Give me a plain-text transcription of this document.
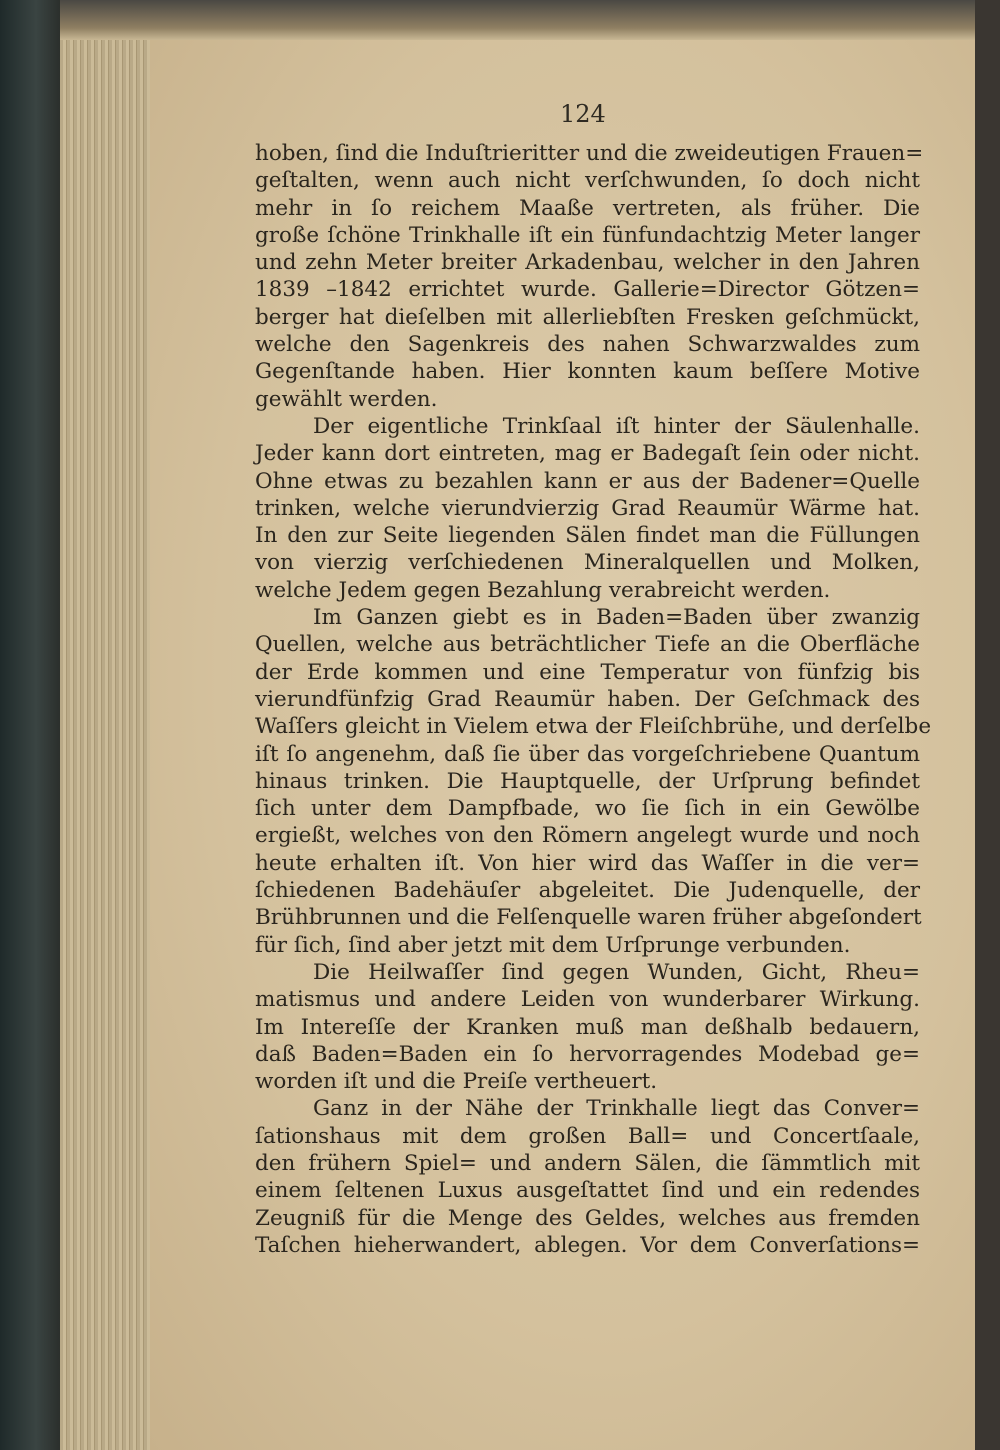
124
hoben, ſind die Induſtrieritter und die zweideutigen Frauen=
geſtalten, wenn auch nicht verſchwunden, ſo doch nicht
mehr in ſo reichem Maaße vertreten, als früher. Die
große ſchöne Trinkhalle iſt ein fünfundachtzig Meter langer
und zehn Meter breiter Arkadenbau, welcher in den Jahren
1839 –1842 errichtet wurde. Gallerie=Director Götzen=
berger hat dieſelben mit allerliebſten Fresken geſchmückt,
welche den Sagenkreis des nahen Schwarzwaldes zum
Gegenſtande haben. Hier konnten kaum beſſere Motive
gewählt werden.
Der eigentliche Trinkſaal iſt hinter der Säulenhalle.
Jeder kann dort eintreten, mag er Badegaſt ſein oder nicht.
Ohne etwas zu bezahlen kann er aus der Badener=Quelle
trinken, welche vierundvierzig Grad Reaumür Wärme hat.
In den zur Seite liegenden Sälen findet man die Füllungen
von vierzig verſchiedenen Mineralquellen und Molken,
welche Jedem gegen Bezahlung verabreicht werden.
Im Ganzen giebt es in Baden=Baden über zwanzig
Quellen, welche aus beträchtlicher Tiefe an die Oberfläche
der Erde kommen und eine Temperatur von fünfzig bis
vierundfünfzig Grad Reaumür haben. Der Geſchmack des
Waſſers gleicht in Vielem etwa der Fleiſchbrühe, und derſelbe
iſt ſo angenehm, daß ſie über das vorgeſchriebene Quantum
hinaus trinken. Die Hauptquelle, der Urſprung befindet
ſich unter dem Dampfbade, wo ſie ſich in ein Gewölbe
ergießt, welches von den Römern angelegt wurde und noch
heute erhalten iſt. Von hier wird das Waſſer in die ver=
ſchiedenen Badehäuſer abgeleitet. Die Judenquelle, der
Brühbrunnen und die Felſenquelle waren früher abgeſondert
für ſich, ſind aber jetzt mit dem Urſprunge verbunden.
Die Heilwaſſer ſind gegen Wunden, Gicht, Rheu=
matismus und andere Leiden von wunderbarer Wirkung.
Im Intereſſe der Kranken muß man deßhalb bedauern,
daß Baden=Baden ein ſo hervorragendes Modebad ge=
worden iſt und die Preiſe vertheuert.
Ganz in der Nähe der Trinkhalle liegt das Conver=
ſationshaus mit dem großen Ball= und Concertſaale,
den frühern Spiel= und andern Sälen, die ſämmtlich mit
einem ſeltenen Luxus ausgeſtattet ſind und ein redendes
Zeugniß für die Menge des Geldes, welches aus fremden
Taſchen hieherwandert, ablegen. Vor dem Converſations=
